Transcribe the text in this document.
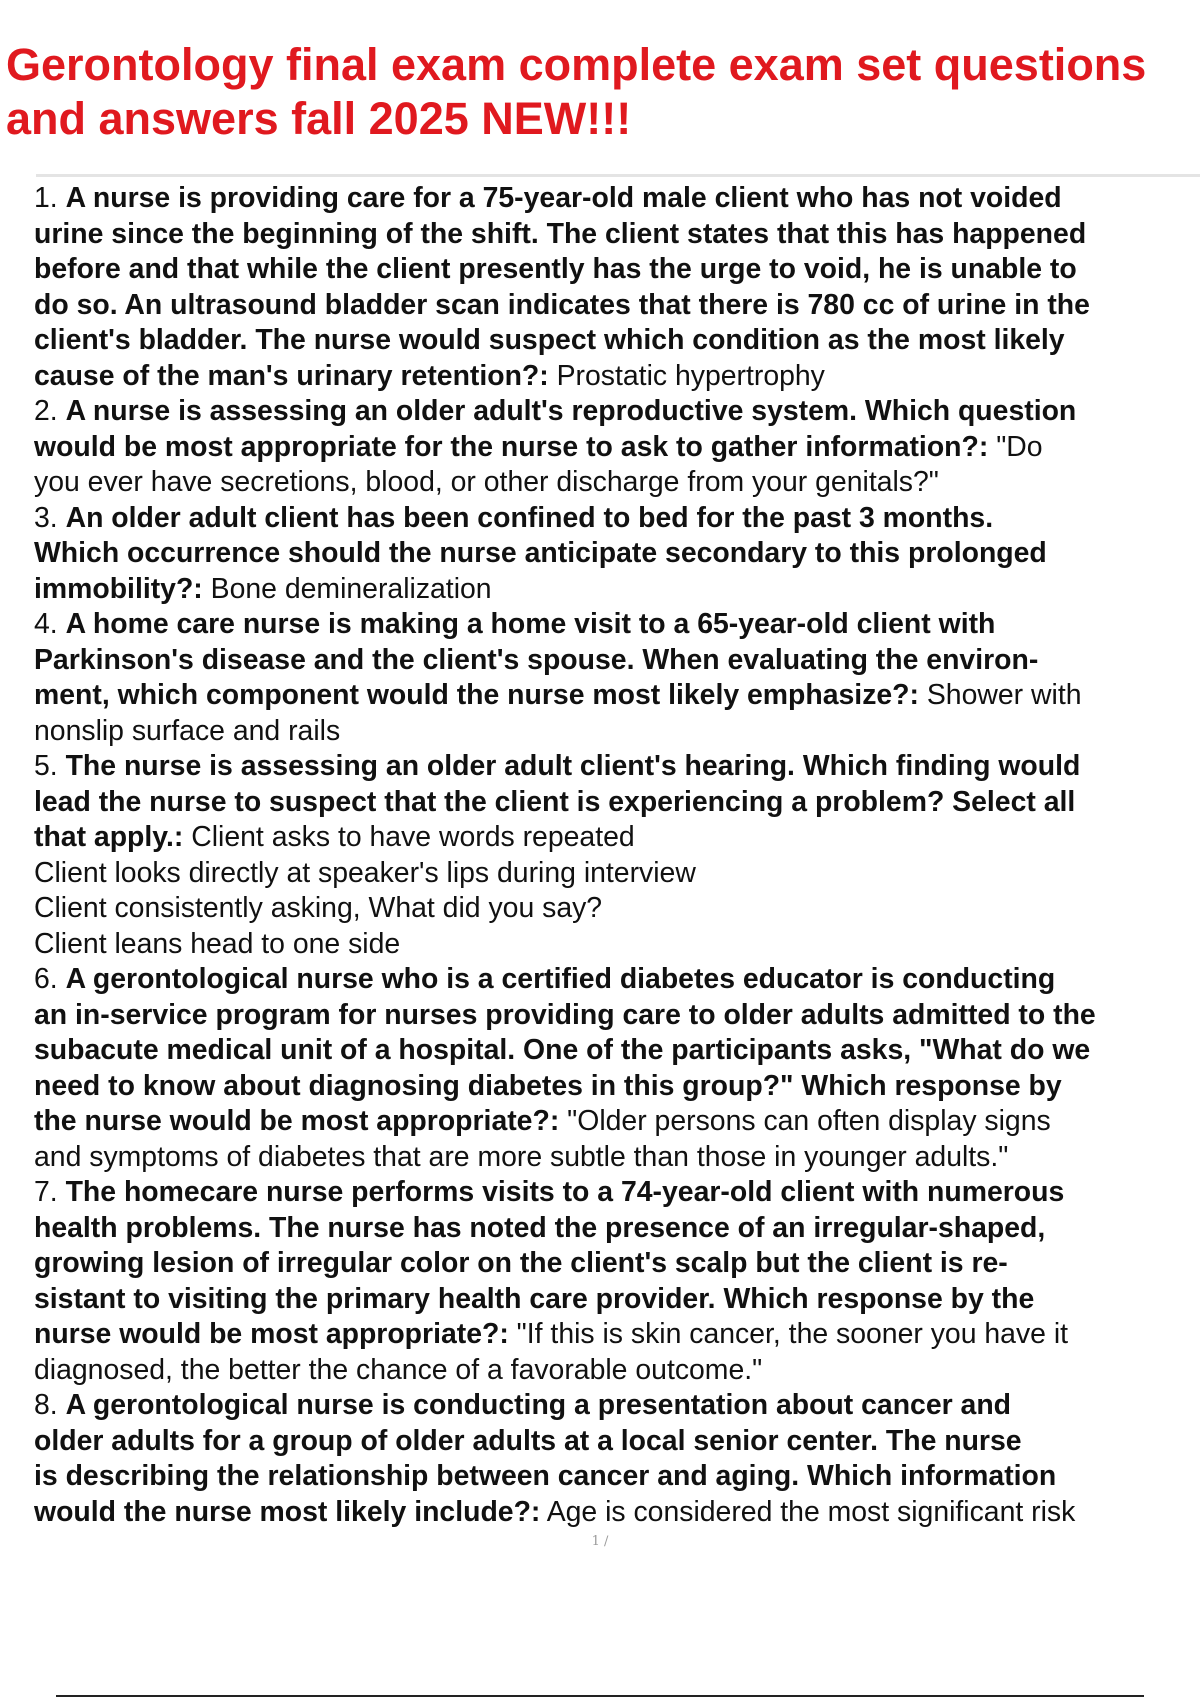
Gerontology final exam complete exam set questions
and answers fall 2025 NEW!!!
1. A nurse is providing care for a 75-year-old male client who has not voided
urine since the beginning of the shift. The client states that this has happened
before and that while the client presently has the urge to void, he is unable to
do so. An ultrasound bladder scan indicates that there is 780 cc of urine in the
client's bladder. The nurse would suspect which condition as the most likely
cause of the man's urinary retention?: Prostatic hypertrophy
2. A nurse is assessing an older adult's reproductive system. Which question
would be most appropriate for the nurse to ask to gather information?: "Do
you ever have secretions, blood, or other discharge from your genitals?"
3. An older adult client has been confined to bed for the past 3 months.
Which occurrence should the nurse anticipate secondary to this prolonged
immobility?: Bone demineralization
4. A home care nurse is making a home visit to a 65-year-old client with
Parkinson's disease and the client's spouse. When evaluating the environ-
ment, which component would the nurse most likely emphasize?: Shower with
nonslip surface and rails
5. The nurse is assessing an older adult client's hearing. Which finding would
lead the nurse to suspect that the client is experiencing a problem? Select all
that apply.: Client asks to have words repeated
Client looks directly at speaker's lips during interview
Client consistently asking, What did you say?
Client leans head to one side
6. A gerontological nurse who is a certified diabetes educator is conducting
an in-service program for nurses providing care to older adults admitted to the
subacute medical unit of a hospital. One of the participants asks, "What do we
need to know about diagnosing diabetes in this group?" Which response by
the nurse would be most appropriate?: "Older persons can often display signs
and symptoms of diabetes that are more subtle than those in younger adults."
7. The homecare nurse performs visits to a 74-year-old client with numerous
health problems. The nurse has noted the presence of an irregular-shaped,
growing lesion of irregular color on the client's scalp but the client is re-
sistant to visiting the primary health care provider. Which response by the
nurse would be most appropriate?: "If this is skin cancer, the sooner you have it
diagnosed, the better the chance of a favorable outcome."
8. A gerontological nurse is conducting a presentation about cancer and
older adults for a group of older adults at a local senior center. The nurse
is describing the relationship between cancer and aging. Which information
would the nurse most likely include?: Age is considered the most significant risk
1 /
